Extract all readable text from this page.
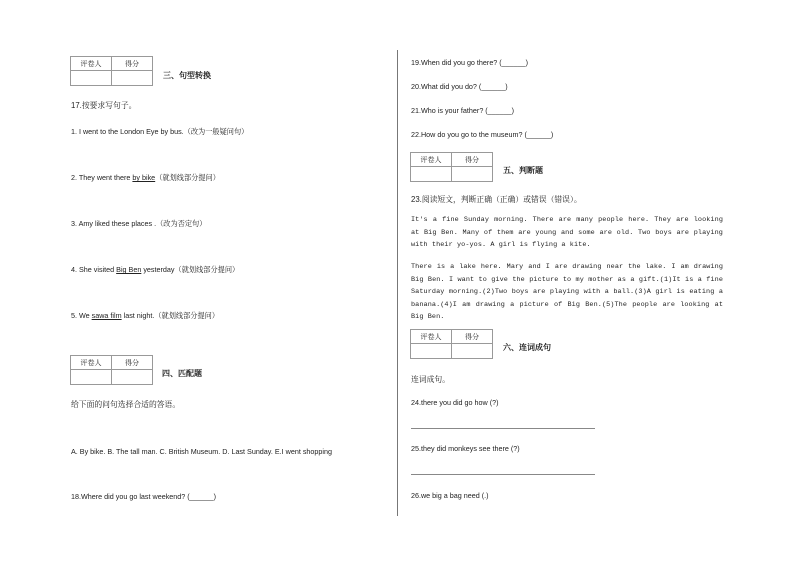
评卷人	得分

三、句型转换
17.按要求写句子。
1. I went to the London Eye by bus.（改为一般疑问句）
2. They went there by bike（就划线部分提问）
3. Amy liked these places .（改为否定句）
4. She visited Big Ben yesterday（就划线部分提问）
5. We sawa film last night.（就划线部分提问）
评卷人	得分

四、匹配题
给下面的问句选择合适的答语。
A. By bike. B. The tall man. C. British Museum. D. Last Sunday. E.I went shopping
18.Where did you go last weekend? (______)
19.When did you go there? (______)
20.What did you do? (______)
21.Who is your father? (______)
22.How do you go to the museum? (______)
评卷人	得分

五、判断题
23.阅读短文，判断正确（正确）或错误（错误）。
It's a fine Sunday morning. There are many people here. They are looking at Big Ben. Many of them are young and some are old. Two boys are playing with their yo-yos. A girl is flying a kite.
There is a lake here. Mary and I are drawing near the lake. I am drawing Big Ben. I want to give the picture to my mother as a gift.(1)It is a fine Saturday morning.(2)Two boys are playing with a ball.(3)A girl is eating a banana.(4)I am drawing a picture of Big Ben.(5)The people are looking at Big Ben.
评卷人	得分

六、连词成句
连词成句。
24.there you did go how (?)
25.they did monkeys see there (?)
26.we big a bag need (.)
